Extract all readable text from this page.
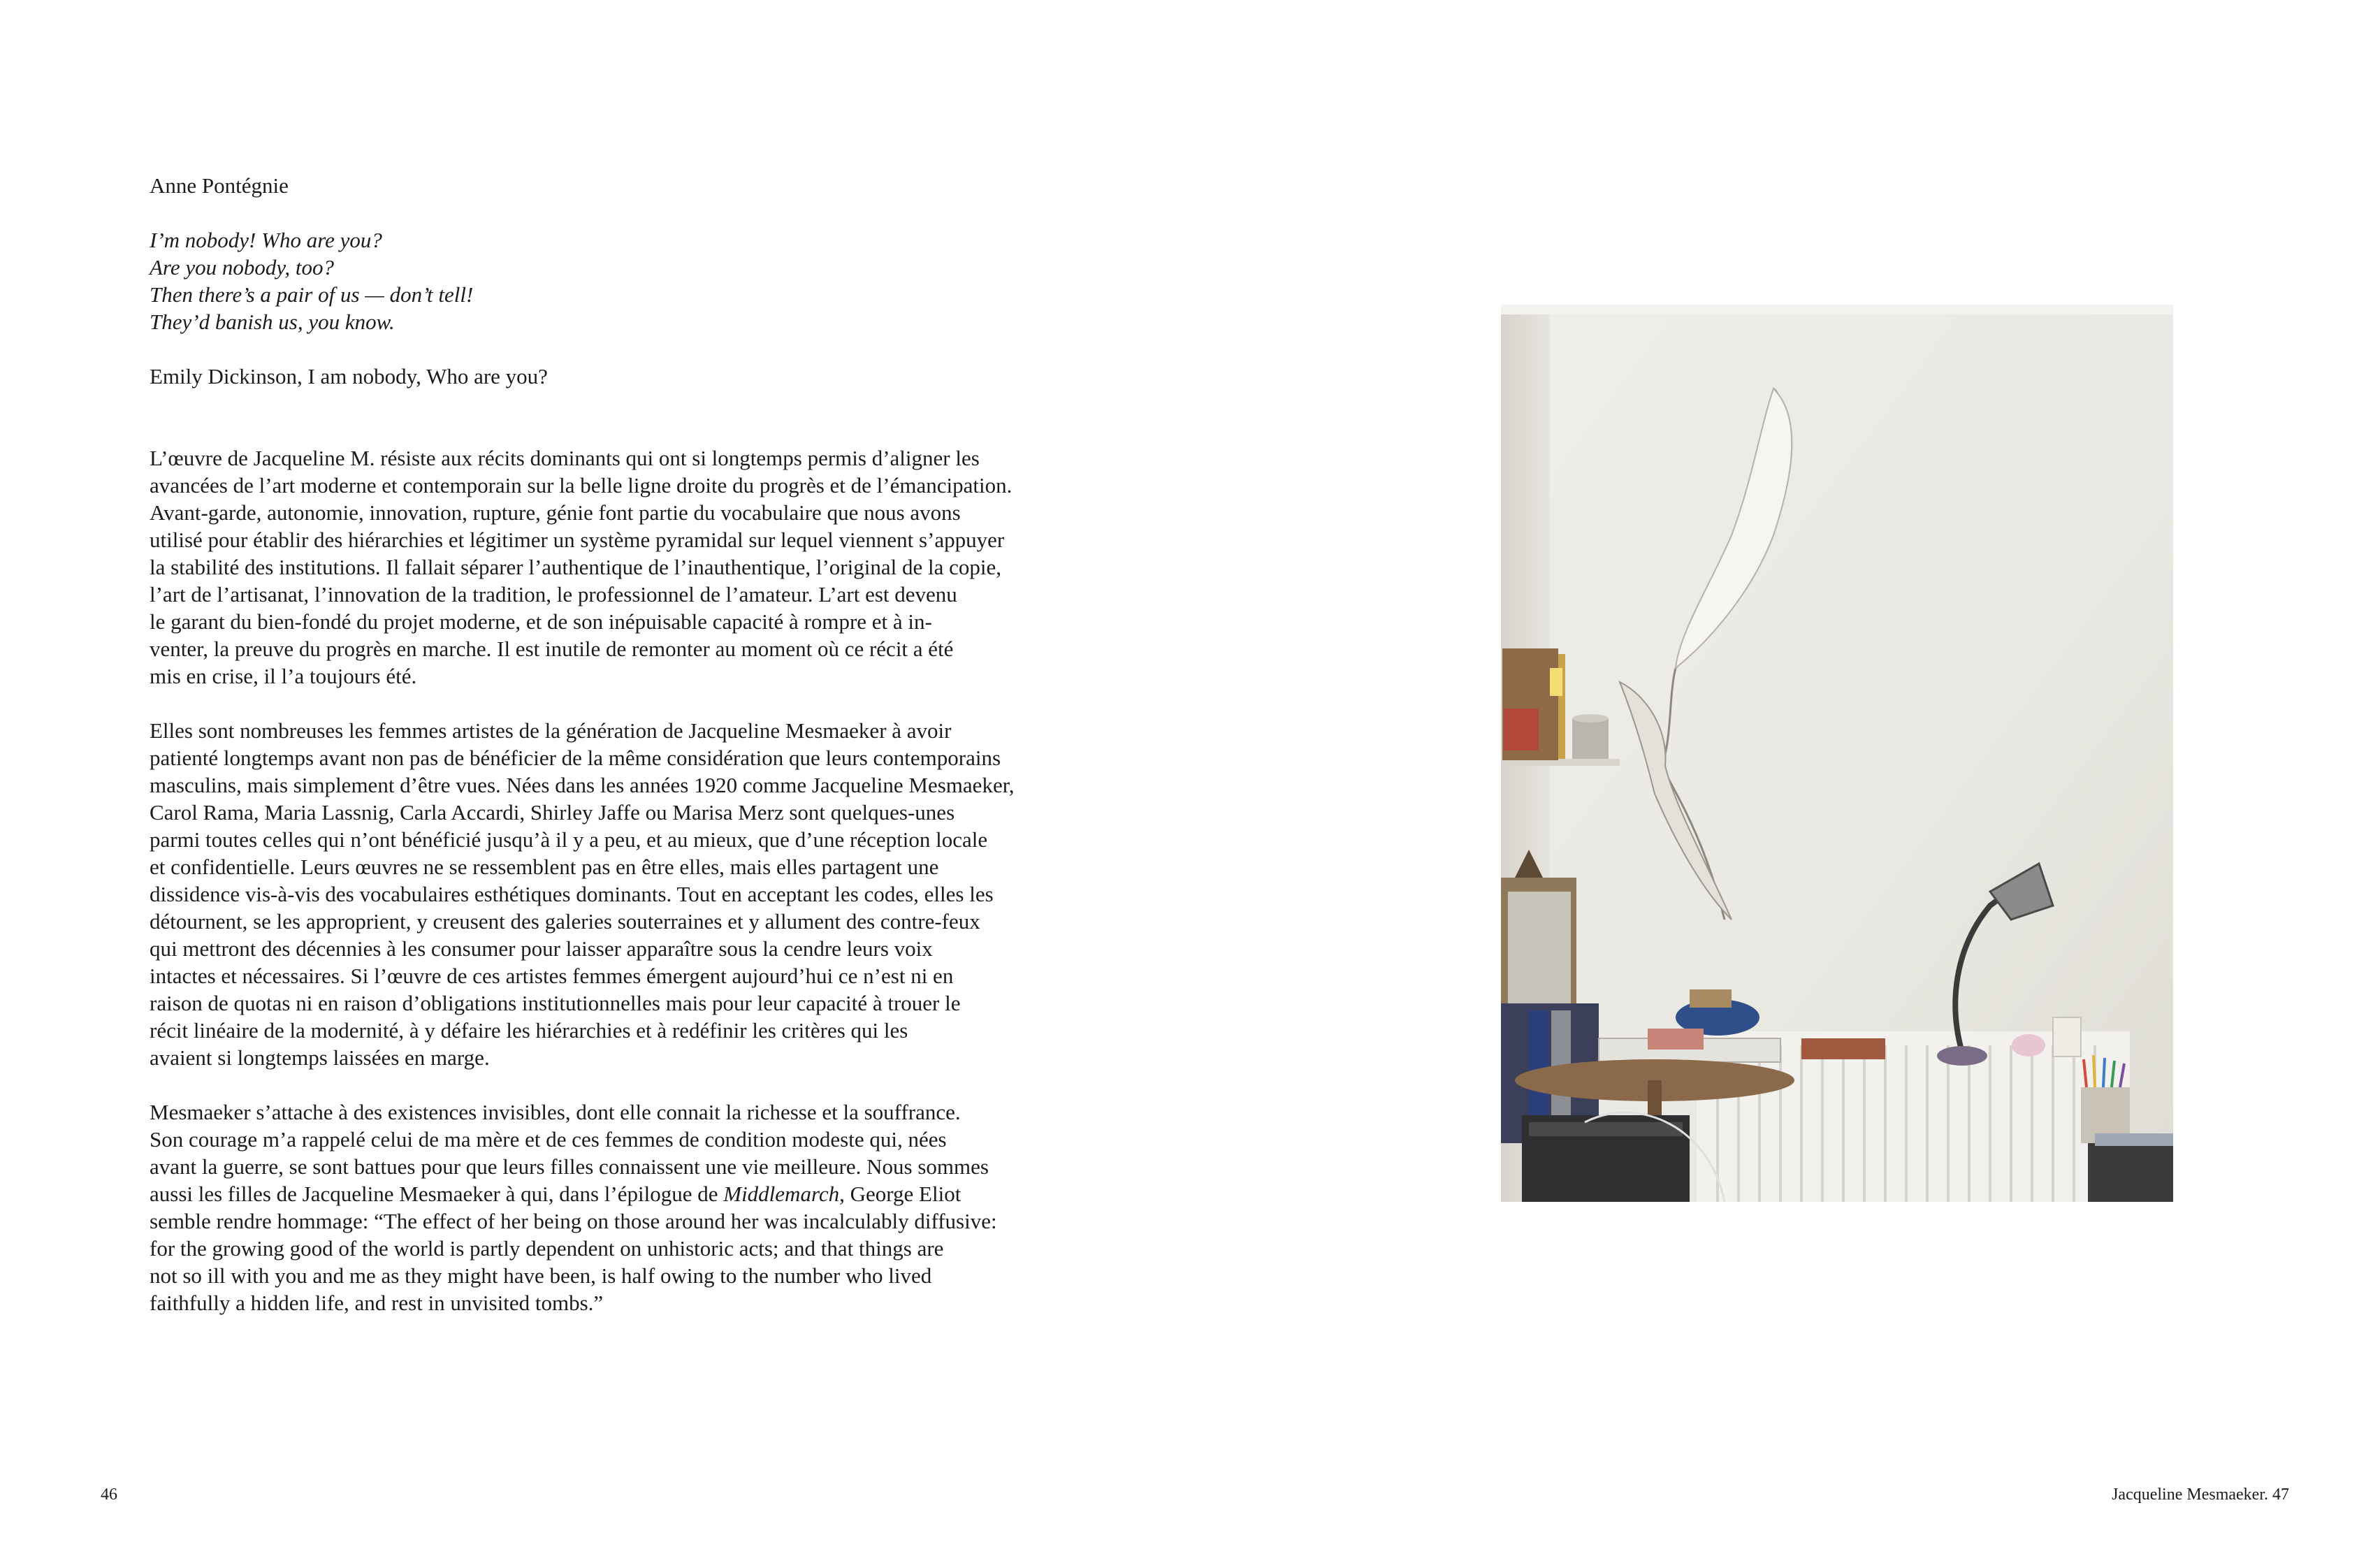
Anne Pontégnie
I’m nobody! Who are you?
Are you nobody, too?
Then there’s a pair of us — don’t tell!
They’d banish us, you know.
Emily Dickinson, I am nobody, Who are you?
L’œuvre de Jacqueline M. résiste aux récits dominants qui ont si longtemps permis d’aligner les
avancées de l’art moderne et contemporain sur la belle ligne droite du progrès et de l’émancipation.
Avant-garde, autonomie, innovation, rupture, génie font partie du vocabulaire que nous avons
utilisé pour établir des hiérarchies et légitimer un système pyramidal sur lequel viennent s’appuyer
la stabilité des institutions. Il fallait séparer l’authentique de l’inauthentique, l’original de la copie,
l’art de l’artisanat, l’innovation de la tradition, le professionnel de l’amateur. L’art est devenu
le garant du bien-fondé du projet moderne, et de son inépuisable capacité à rompre et à in-
venter, la preuve du progrès en marche. Il est inutile de remonter au moment où ce récit a été
mis en crise, il l’a toujours été.
Elles sont nombreuses les femmes artistes de la génération de Jacqueline Mesmaeker à avoir
patienté longtemps avant non pas de bénéficier de la même considération que leurs contemporains
masculins, mais simplement d’être vues. Nées dans les années 1920 comme Jacqueline Mesmaeker,
Carol Rama, Maria Lassnig, Carla Accardi, Shirley Jaffe ou Marisa Merz sont quelques-unes
parmi toutes celles qui n’ont bénéficié jusqu’à il y a peu, et au mieux, que d’une réception locale
et confidentielle. Leurs œuvres ne se ressemblent pas en être elles, mais elles partagent une
dissidence vis-à-vis des vocabulaires esthétiques dominants. Tout en acceptant les codes, elles les
détournent, se les approprient, y creusent des galeries souterraines et y allument des contre-feux
qui mettront des décennies à les consumer pour laisser apparaître sous la cendre leurs voix
intactes et nécessaires. Si l’œuvre de ces artistes femmes émergent aujourd’hui ce n’est ni en
raison de quotas ni en raison d’obligations institutionnelles mais pour leur capacité à trouer le
récit linéaire de la modernité, à y défaire les hiérarchies et à redéfinir les critères qui les
avaient si longtemps laissées en marge.
Mesmaeker s’attache à des existences invisibles, dont elle connait la richesse et la souffrance.
Son courage m’a rappelé celui de ma mère et de ces femmes de condition modeste qui, nées
avant la guerre, se sont battues pour que leurs filles connaissent une vie meilleure. Nous sommes
aussi les filles de Jacqueline Mesmaeker à qui, dans l’épilogue de Middlemarch, George Eliot
semble rendre hommage: “The effect of her being on those around her was incalculably diffusive:
for the growing good of the world is partly dependent on unhistoric acts; and that things are
not so ill with you and me as they might have been, is half owing to the number who lived
faithfully a hidden life, and rest in unvisited tombs.”
46	Jacqueline Mesmaeker. 47
